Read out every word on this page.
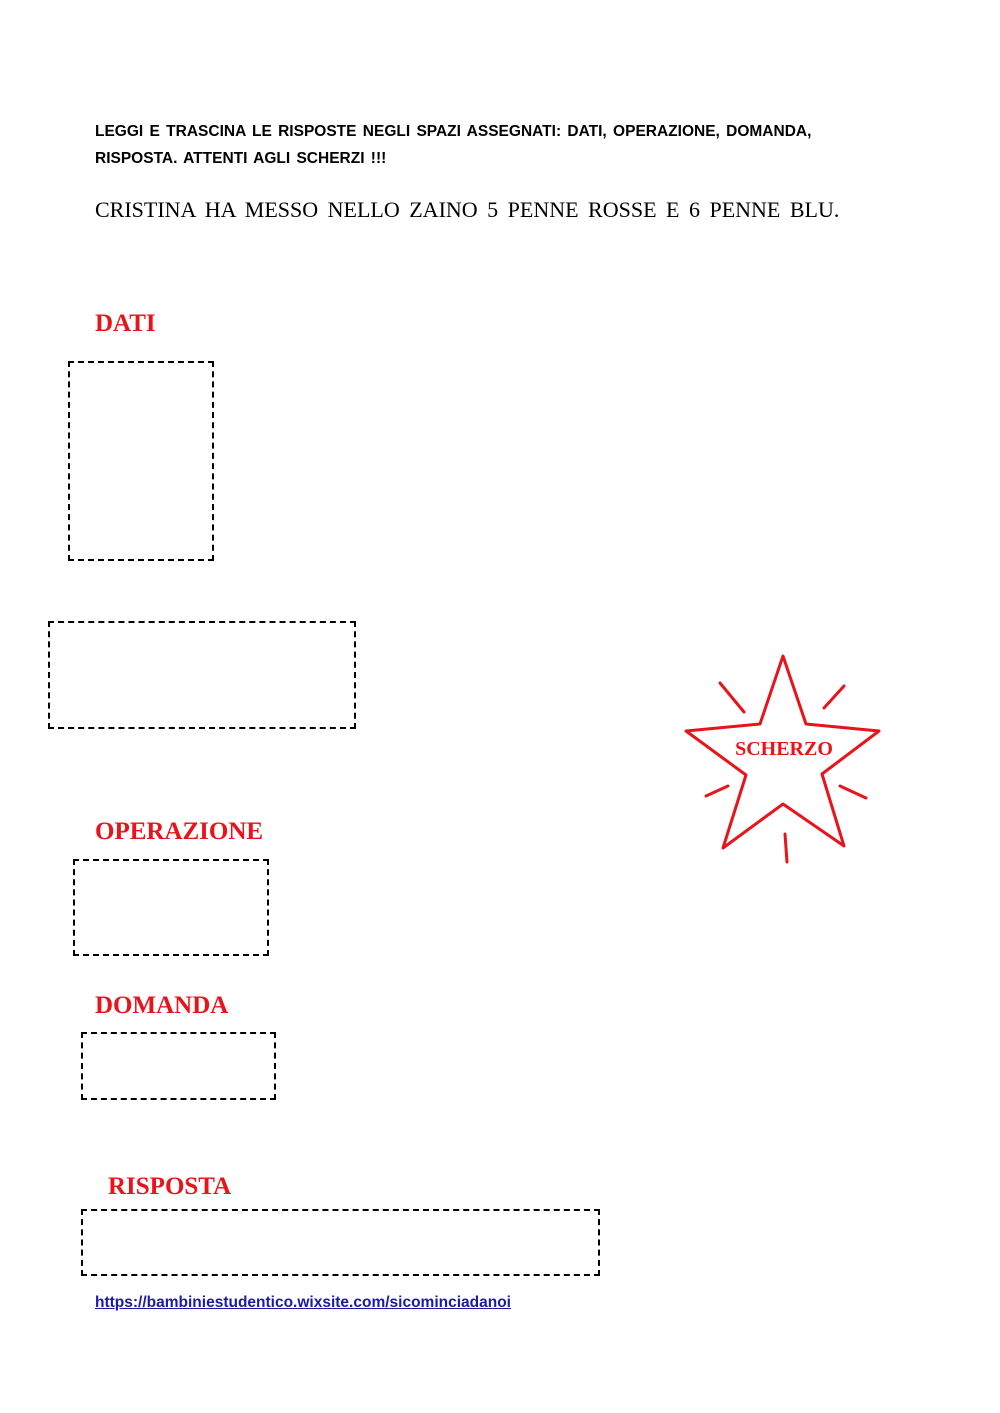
LEGGI E TRASCINA LE RISPOSTE NEGLI SPAZI ASSEGNATI: DATI, OPERAZIONE, DOMANDA, RISPOSTA. ATTENTI AGLI SCHERZI !!!
CRISTINA HA MESSO NELLO ZAINO 5 PENNE ROSSE E 6 PENNE BLU.
DATI
SCHERZO
OPERAZIONE
DOMANDA
RISPOSTA
https://bambiniestudentico.wixsite.com/sicominciadanoi
